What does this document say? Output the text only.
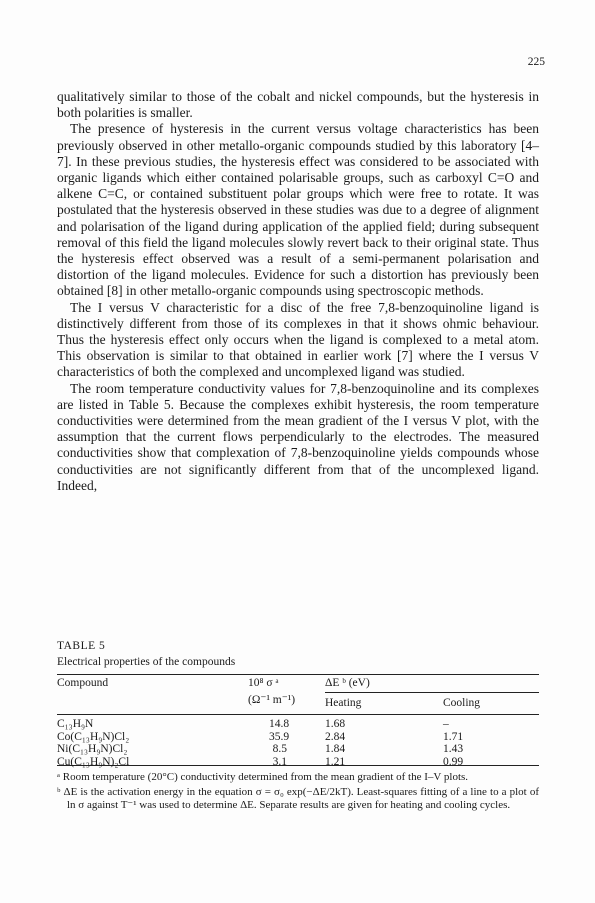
225

qualitatively similar to those of the cobalt and nickel compounds, but the hysteresis in both polarities is smaller.

The presence of hysteresis in the current versus voltage characteristics has been previously observed in other metallo-organic compounds studied by this laboratory [4–7]. In these previous studies, the hysteresis effect was considered to be associated with organic ligands which either contained polarisable groups, such as carboxyl C=O and alkene C=C, or contained substituent polar groups which were free to rotate. It was postulated that the hysteresis observed in these studies was due to a degree of alignment and polarisation of the ligand during application of the applied field; during subsequent removal of this field the ligand molecules slowly revert back to their original state. Thus the hysteresis effect observed was a result of a semi-permanent polarisation and distortion of the ligand molecules. Evidence for such a distortion has previously been obtained [8] in other metallo-organic compounds using spectroscopic methods.

The I versus V characteristic for a disc of the free 7,8-benzoquinoline ligand is distinctively different from those of its complexes in that it shows ohmic behaviour. Thus the hysteresis effect only occurs when the ligand is complexed to a metal atom. This observation is similar to that obtained in earlier work [7] where the I versus V characteristics of both the complexed and uncomplexed ligand was studied.

The room temperature conductivity values for 7,8-benzoquinoline and its complexes are listed in Table 5. Because the complexes exhibit hysteresis, the room temperature conductivities were determined from the mean gradient of the I versus V plot, with the assumption that the current flows perpendicularly to the electrodes. The measured conductivities show that complexation of 7,8-benzoquinoline yields compounds whose conductivities are not significantly different from that of the uncomplexed ligand. Indeed,

TABLE 5
Electrical properties of the compounds
Compound	10⁸ σ ᵃ
(Ω⁻¹ m⁻¹)
ΔE ᵇ (eV)
Heating	Cooling
C₁₃H₉N	14.8	1.68	–
Co(C₁₃H₉N)Cl₂	35.9	2.84	1.71
Ni(C₁₃H₉N)Cl₂	8.5	1.84	1.43
Cu(C₁₃H₉N)₂Cl	3.1	1.21	0.99

ᵃ Room temperature (20°C) conductivity determined from the mean gradient of the I–V plots.

ᵇ ΔE is the activation energy in the equation σ = σ₀ exp(−ΔE/2kT). Least-squares fitting of a line to a plot of ln σ against T⁻¹ was used to determine ΔE. Separate results are given for heating and cooling cycles.
